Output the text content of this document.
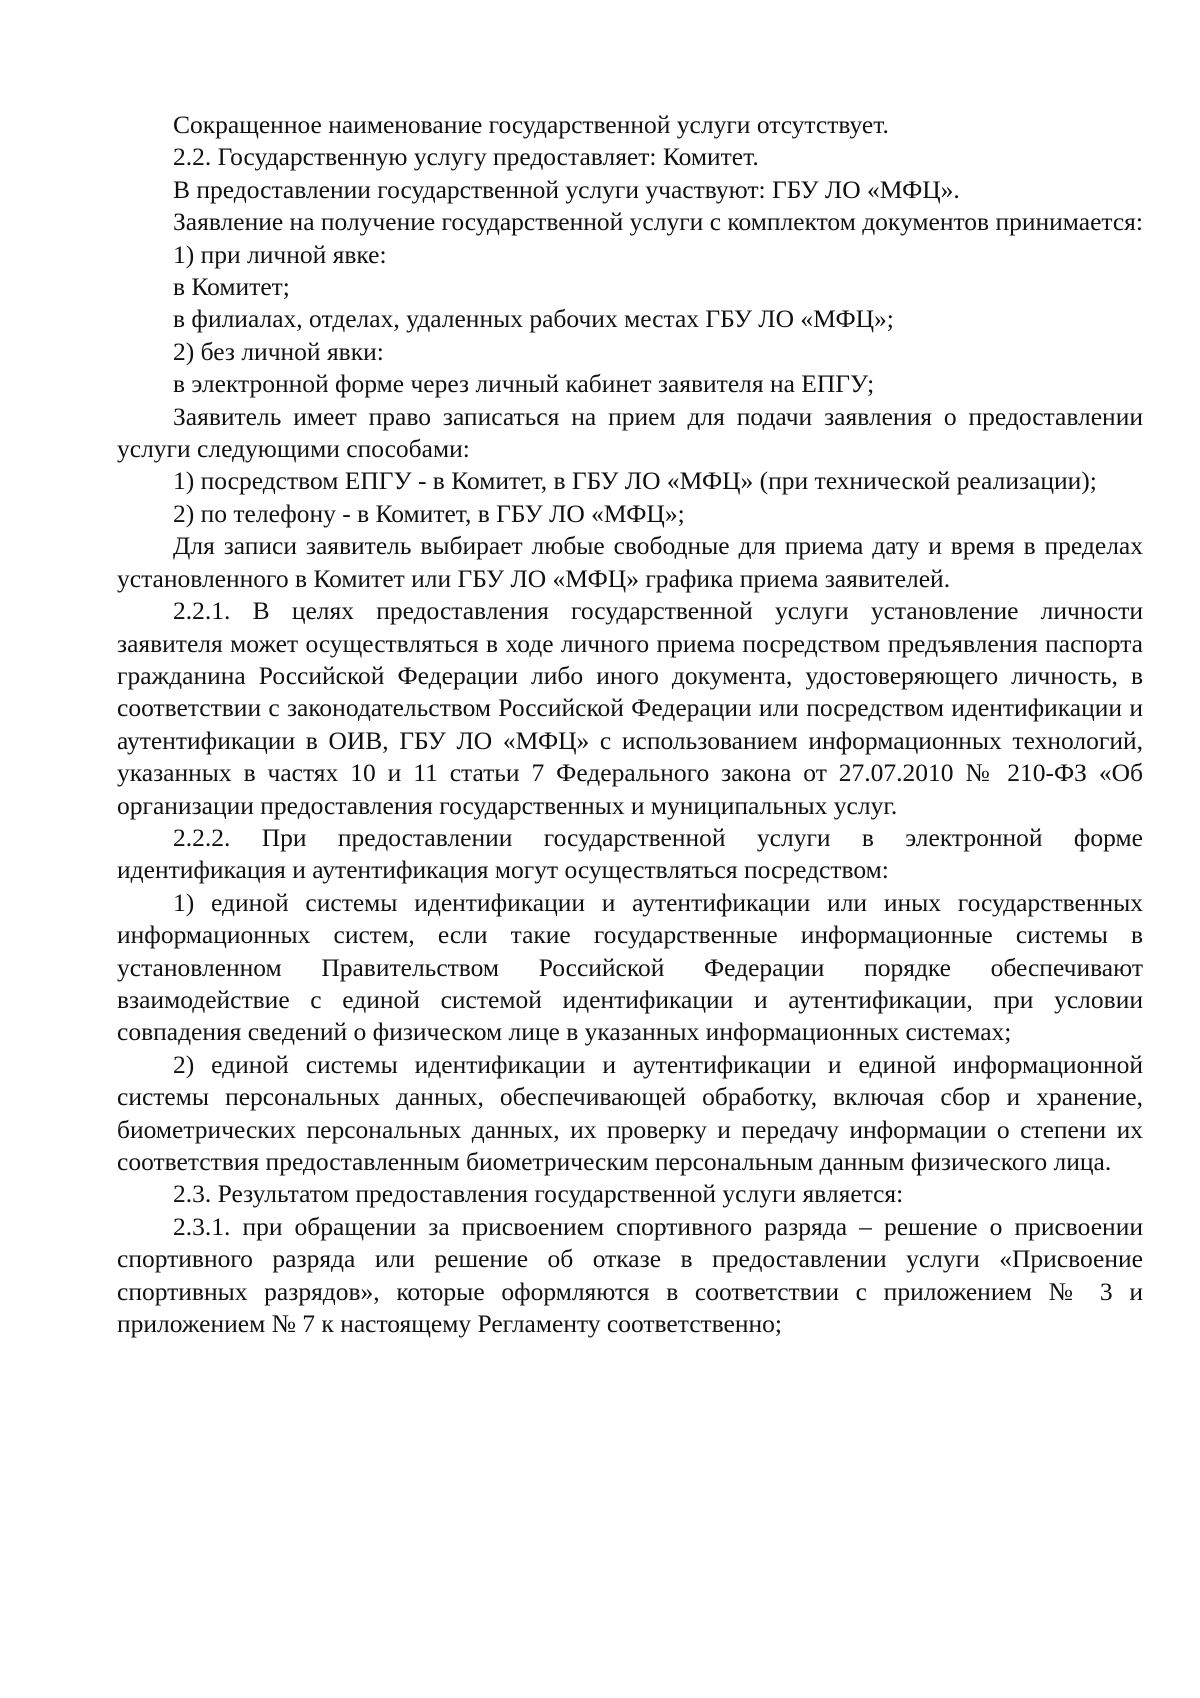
Сокращенное наименование государственной услуги отсутствует.

2.2. Государственную услугу предоставляет: Комитет.

В предоставлении государственной услуги участвуют: ГБУ ЛО «МФЦ».

Заявление на получение государственной услуги с комплектом документов принимается:

1) при личной явке:

в Комитет;

в филиалах, отделах, удаленных рабочих местах ГБУ ЛО «МФЦ»;

2) без личной явки:

в электронной форме через личный кабинет заявителя на ЕПГУ;

Заявитель имеет право записаться на прием для подачи заявления о предоставлении услуги следующими способами:

1) посредством ЕПГУ - в Комитет, в ГБУ ЛО «МФЦ» (при технической реализации);

2) по телефону - в Комитет, в ГБУ ЛО «МФЦ»;

Для записи заявитель выбирает любые свободные для приема дату и время в пределах установленного в Комитет или ГБУ ЛО «МФЦ» графика приема заявителей.

2.2.1. В целях предоставления государственной услуги установление личности заявителя может осуществляться в ходе личного приема посредством предъявления паспорта гражданина Российской Федерации либо иного документа, удостоверяющего личность, в соответствии с законодательством Российской Федерации или посредством идентификации и аутентификации в ОИВ, ГБУ ЛО «МФЦ» с использованием информационных технологий, указанных в частях 10 и 11 статьи 7 Федерального закона от 27.07.2010 № 210-ФЗ «Об организации предоставления государственных и муниципальных услуг.

2.2.2. При предоставлении государственной услуги в электронной форме идентификация и аутентификация могут осуществляться посредством:

1) единой системы идентификации и аутентификации или иных государственных информационных систем, если такие государственные информационные системы в установленном Правительством Российской Федерации порядке обеспечивают взаимодействие с единой системой идентификации и аутентификации, при условии совпадения сведений о физическом лице в указанных информационных системах;

2) единой системы идентификации и аутентификации и единой информационной системы персональных данных, обеспечивающей обработку, включая сбор и хранение, биометрических персональных данных, их проверку и передачу информации о степени их соответствия предоставленным биометрическим персональным данным физического лица.

2.3. Результатом предоставления государственной услуги является:

2.3.1. при обращении за присвоением спортивного разряда – решение о присвоении спортивного разряда или решение об отказе в предоставлении услуги «Присвоение спортивных разрядов», которые оформляются в соответствии с приложением № 3 и приложением № 7 к настоящему Регламенту соответственно;
